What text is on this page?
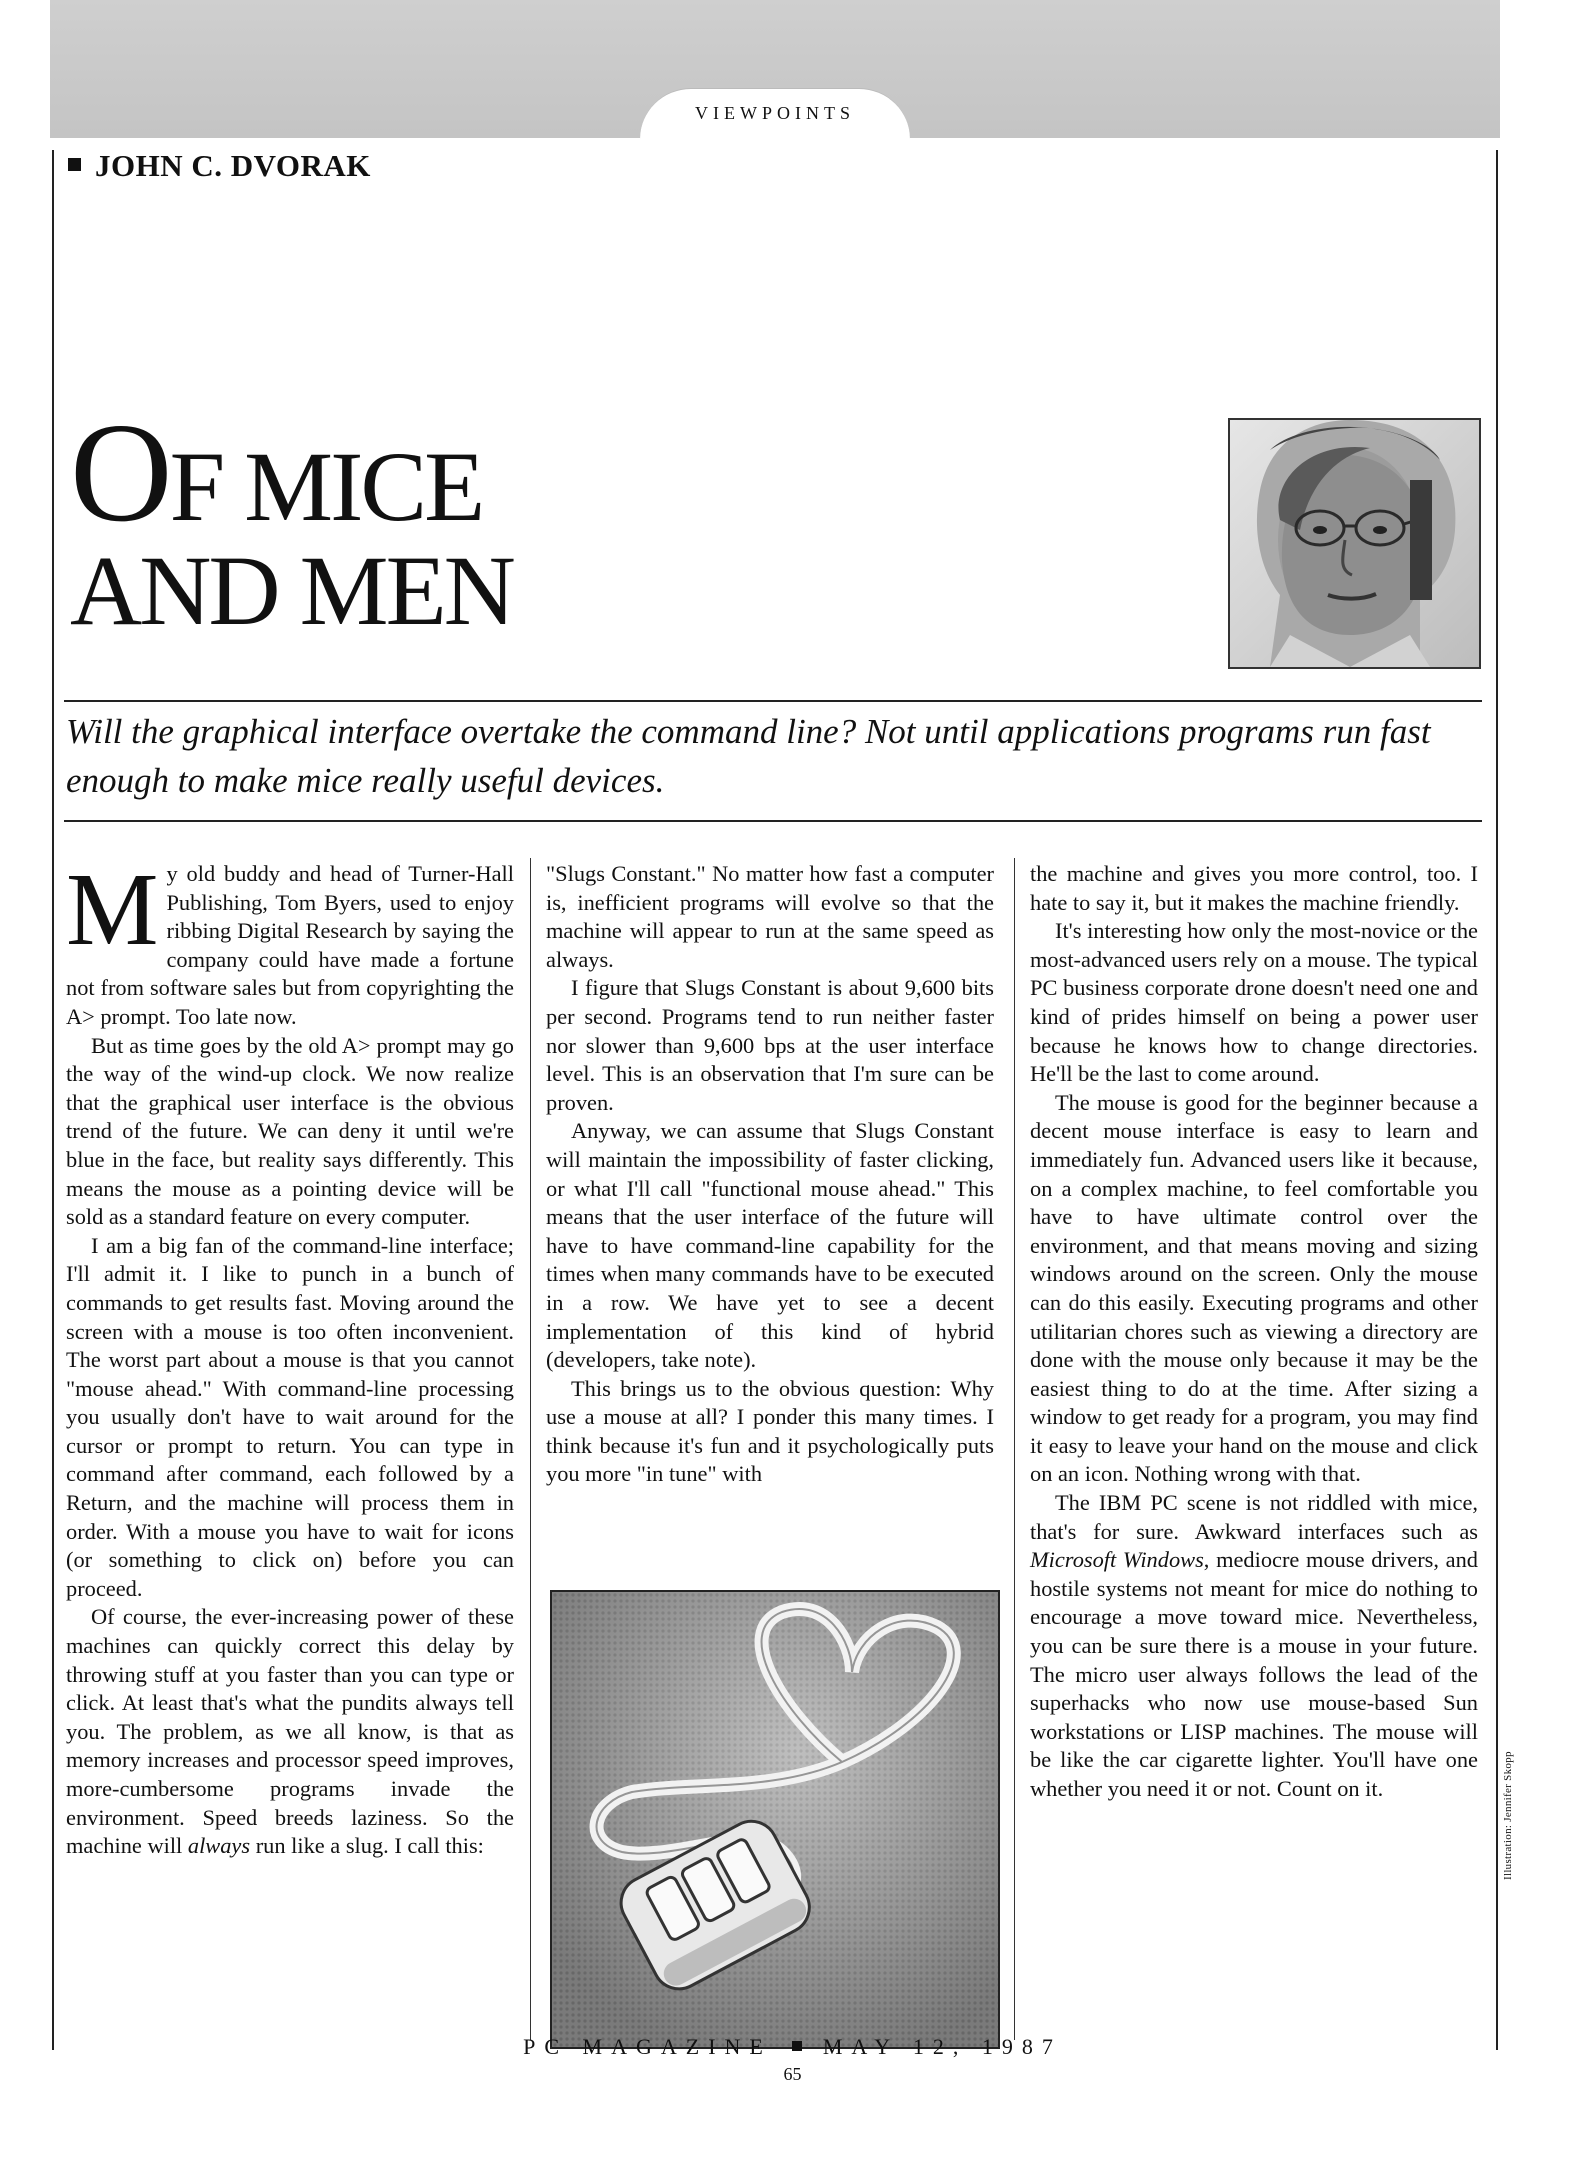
VIEWPOINTS
JOHN C. DVORAK
OF MICE
AND MEN
Will the graphical interface overtake the command line? Not until applications programs run fast enough to make mice really useful devices.

My old buddy and head of Turner-Hall Publishing, Tom Byers, used to enjoy ribbing Digital Research by saying the company could have made a fortune not from software sales but from copyrighting the A> prompt. Too late now.

But as time goes by the old A> prompt may go the way of the wind-up clock. We now realize that the graphical user interface is the obvious trend of the future. We can deny it until we're blue in the face, but reality says differently. This means the mouse as a pointing device will be sold as a standard feature on every computer.

I am a big fan of the command-line interface; I'll admit it. I like to punch in a bunch of commands to get results fast. Moving around the screen with a mouse is too often inconvenient. The worst part about a mouse is that you cannot "mouse ahead." With command-line processing you usually don't have to wait around for the cursor or prompt to return. You can type in command after command, each followed by a Return, and the machine will process them in order. With a mouse you have to wait for icons (or something to click on) before you can proceed.

Of course, the ever-increasing power of these machines can quickly correct this delay by throwing stuff at you faster than you can type or click. At least that's what the pundits always tell you. The problem, as we all know, is that as memory increases and processor speed improves, more-cumbersome programs invade the environment. Speed breeds laziness. So the machine will always run like a slug. I call this:

"Slugs Constant." No matter how fast a computer is, inefficient programs will evolve so that the machine will appear to run at the same speed as always.

I figure that Slugs Constant is about 9,600 bits per second. Programs tend to run neither faster nor slower than 9,600 bps at the user interface level. This is an observation that I'm sure can be proven.

Anyway, we can assume that Slugs Constant will maintain the impossibility of faster clicking, or what I'll call "functional mouse ahead." This means that the user interface of the future will have to have command-line capability for the times when many commands have to be executed in a row. We have yet to see a decent implementation of this kind of hybrid (developers, take note).

This brings us to the obvious question: Why use a mouse at all? I ponder this many times. I think because it's fun and it psychologically puts you more "in tune" with

the machine and gives you more control, too. I hate to say it, but it makes the machine friendly.

It's interesting how only the most-novice or the most-advanced users rely on a mouse. The typical PC business corporate drone doesn't need one and kind of prides himself on being a power user because he knows how to change directories. He'll be the last to come around.

The mouse is good for the beginner because a decent mouse interface is easy to learn and immediately fun. Advanced users like it because, on a complex machine, to feel comfortable you have to have ultimate control over the environment, and that means moving and sizing windows around on the screen. Only the mouse can do this easily. Executing programs and other utilitarian chores such as viewing a directory are done with the mouse only because it may be the easiest thing to do at the time. After sizing a window to get ready for a program, you may find it easy to leave your hand on the mouse and click on an icon. Nothing wrong with that.

The IBM PC scene is not riddled with mice, that's for sure. Awkward interfaces such as Microsoft Windows, mediocre mouse drivers, and hostile systems not meant for mice do nothing to encourage a move toward mice. Nevertheless, you can be sure there is a mouse in your future. The micro user always follows the lead of the superhacks who now use mouse-based Sun workstations or LISP machines. The mouse will be like the car cigarette lighter. You'll have one whether you need it or not. Count on it.	Illustration: Jennifer Skopp
PC MAGAZINE MAY 12, 1987
65
